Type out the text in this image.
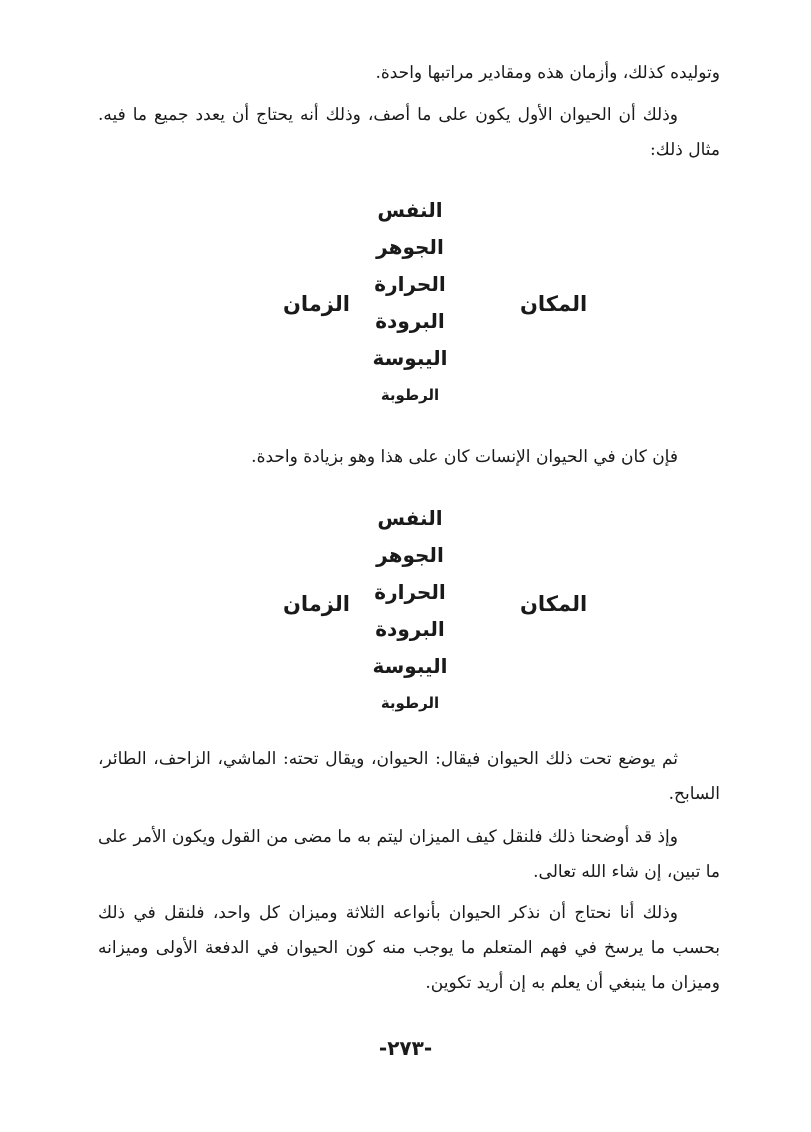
وتوليده كذلك، وأزمان هذه ومقادير مراتبها واحدة.

وذلك أن الحيوان الأول يكون على ما أصف، وذلك أنه يحتاج أن يعدد جميع ما فيه. مثال ذلك:

النفس
الجوهر
الحرارة
البرودة
اليبوسة
الرطوبة
الزمان	المكان

فإن كان في الحيوان الإنسات كان على هذا وهو بزيادة واحدة.

النفس
الجوهر
الحرارة
البرودة
اليبوسة
الرطوبة
الزمان	المكان

ثم يوضع تحت ذلك الحيوان فيقال: الحيوان، ويقال تحته: الماشي، الزاحف، الطائر، السابح.

وإذ قد أوضحنا ذلك فلنقل كيف الميزان ليتم به ما مضى من القول ويكون الأمر على ما تبين، إن شاء الله تعالى.

وذلك أنا نحتاج أن نذكر الحيوان بأنواعه الثلاثة وميزان كل واحد، فلنقل في ذلك بحسب ما يرسخ في فهم المتعلم ما يوجب منه كون الحيوان في الدفعة الأولى وميزانه وميزان ما ينبغي أن يعلم به إن أريد تكوين.

-٢٧٣-
